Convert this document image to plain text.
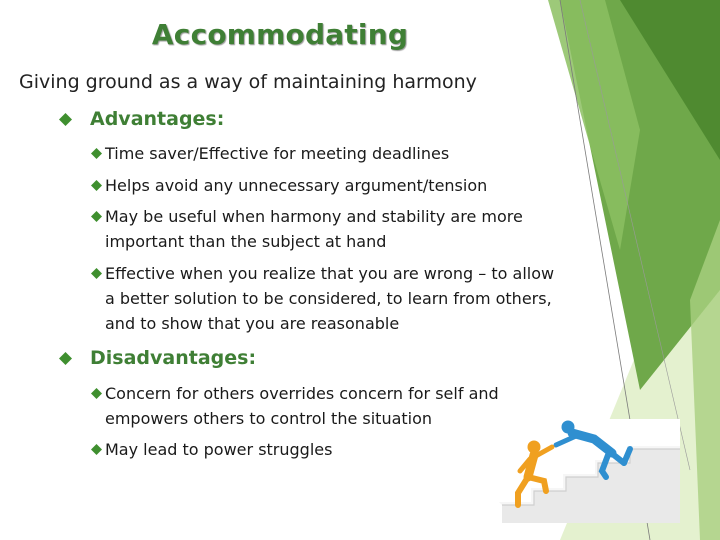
Accommodating
Giving ground as a way of maintaining harmony
Advantages:
Time saver/Effective for meeting deadlines
Helps avoid any unnecessary argument/tension
May be useful when harmony and stability are more important than the subject at hand
Effective when you realize that you are wrong – to allow a better solution to be considered, to learn from others, and to show that you are reasonable
Disadvantages:
Concern for others overrides concern for self and empowers others to control the situation
May lead to power struggles
